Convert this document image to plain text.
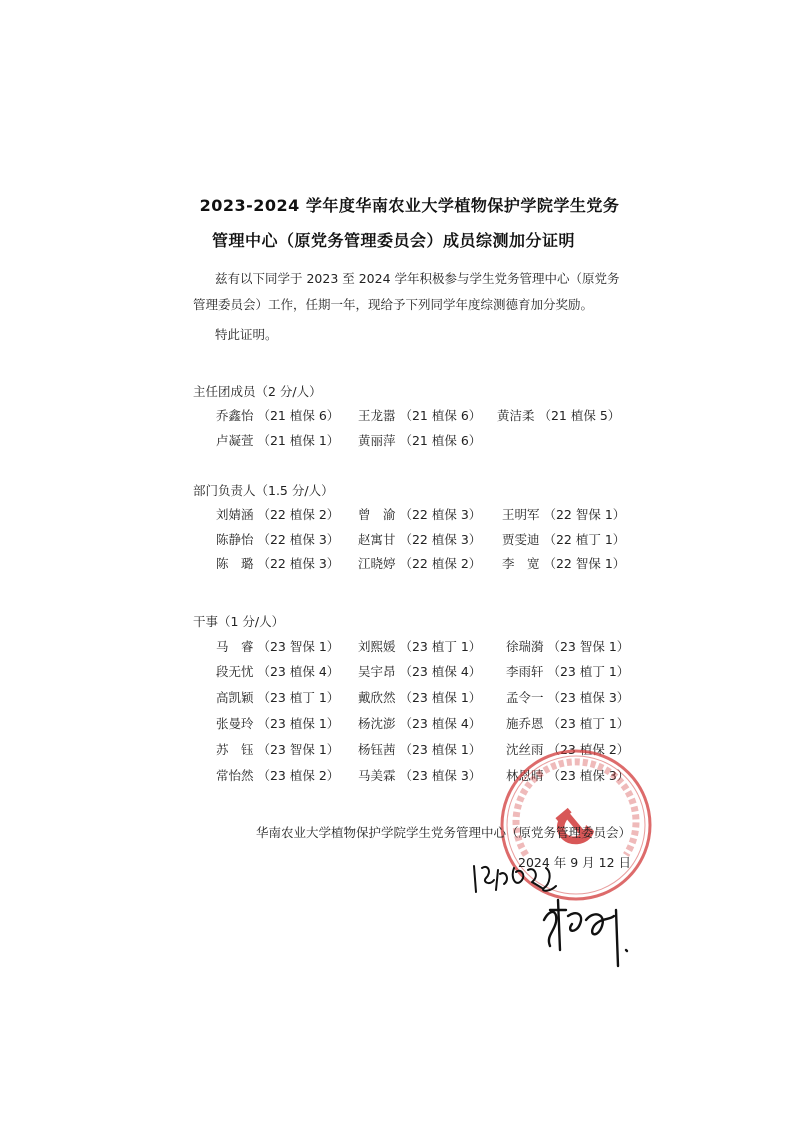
2023-2024 学年度华南农业大学植物保护学院学生党务
管理中心（原党务管理委员会）成员综测加分证明
兹有以下同学于 2023 至 2024 学年积极参与学生党务管理中心（原党务管理委员会）工作，任期一年，现给予下列同学年度综测德育加分奖励。
特此证明。
主任团成员（2 分/人）
乔鑫怡 （21 植保 6） 王龙嚣 （21 植保 6） 黄洁柔 （21 植保 5）
卢凝萱 （21 植保 1） 黄丽萍 （21 植保 6）
部门负责人（1.5 分/人）
刘婧涵 （22 植保 2） 曾　渝 （22 植保 3） 王明军 （22 智保 1）
陈静怡 （22 植保 3） 赵寓甘 （22 植保 3） 贾雯迪 （22 植丁 1）
陈　璐 （22 植保 3） 江晓婷 （22 植保 2） 李　宽 （22 智保 1）
干事（1 分/人）
马　睿 （23 智保 1） 刘熙媛 （23 植丁 1） 徐瑞漪 （23 智保 1）
段无忧 （23 植保 4） 吴宇昂 （23 植保 4） 李雨轩 （23 植丁 1）
高凯颖 （23 植丁 1） 戴欣然 （23 植保 1） 孟令一 （23 植保 3）
张曼玲 （23 植保 1） 杨沈澎 （23 植保 4） 施乔恩 （23 植丁 1）
苏　钰 （23 智保 1） 杨钰茜 （23 植保 1） 沈丝雨 （23 植保 2）
常怡然 （23 植保 2） 马美霖 （23 植保 3） 林恩晴 （23 植保 3）
华南农业大学植物保护学院学生党务管理中心（原党务管理委员会）
2024 年 9 月 12 日
